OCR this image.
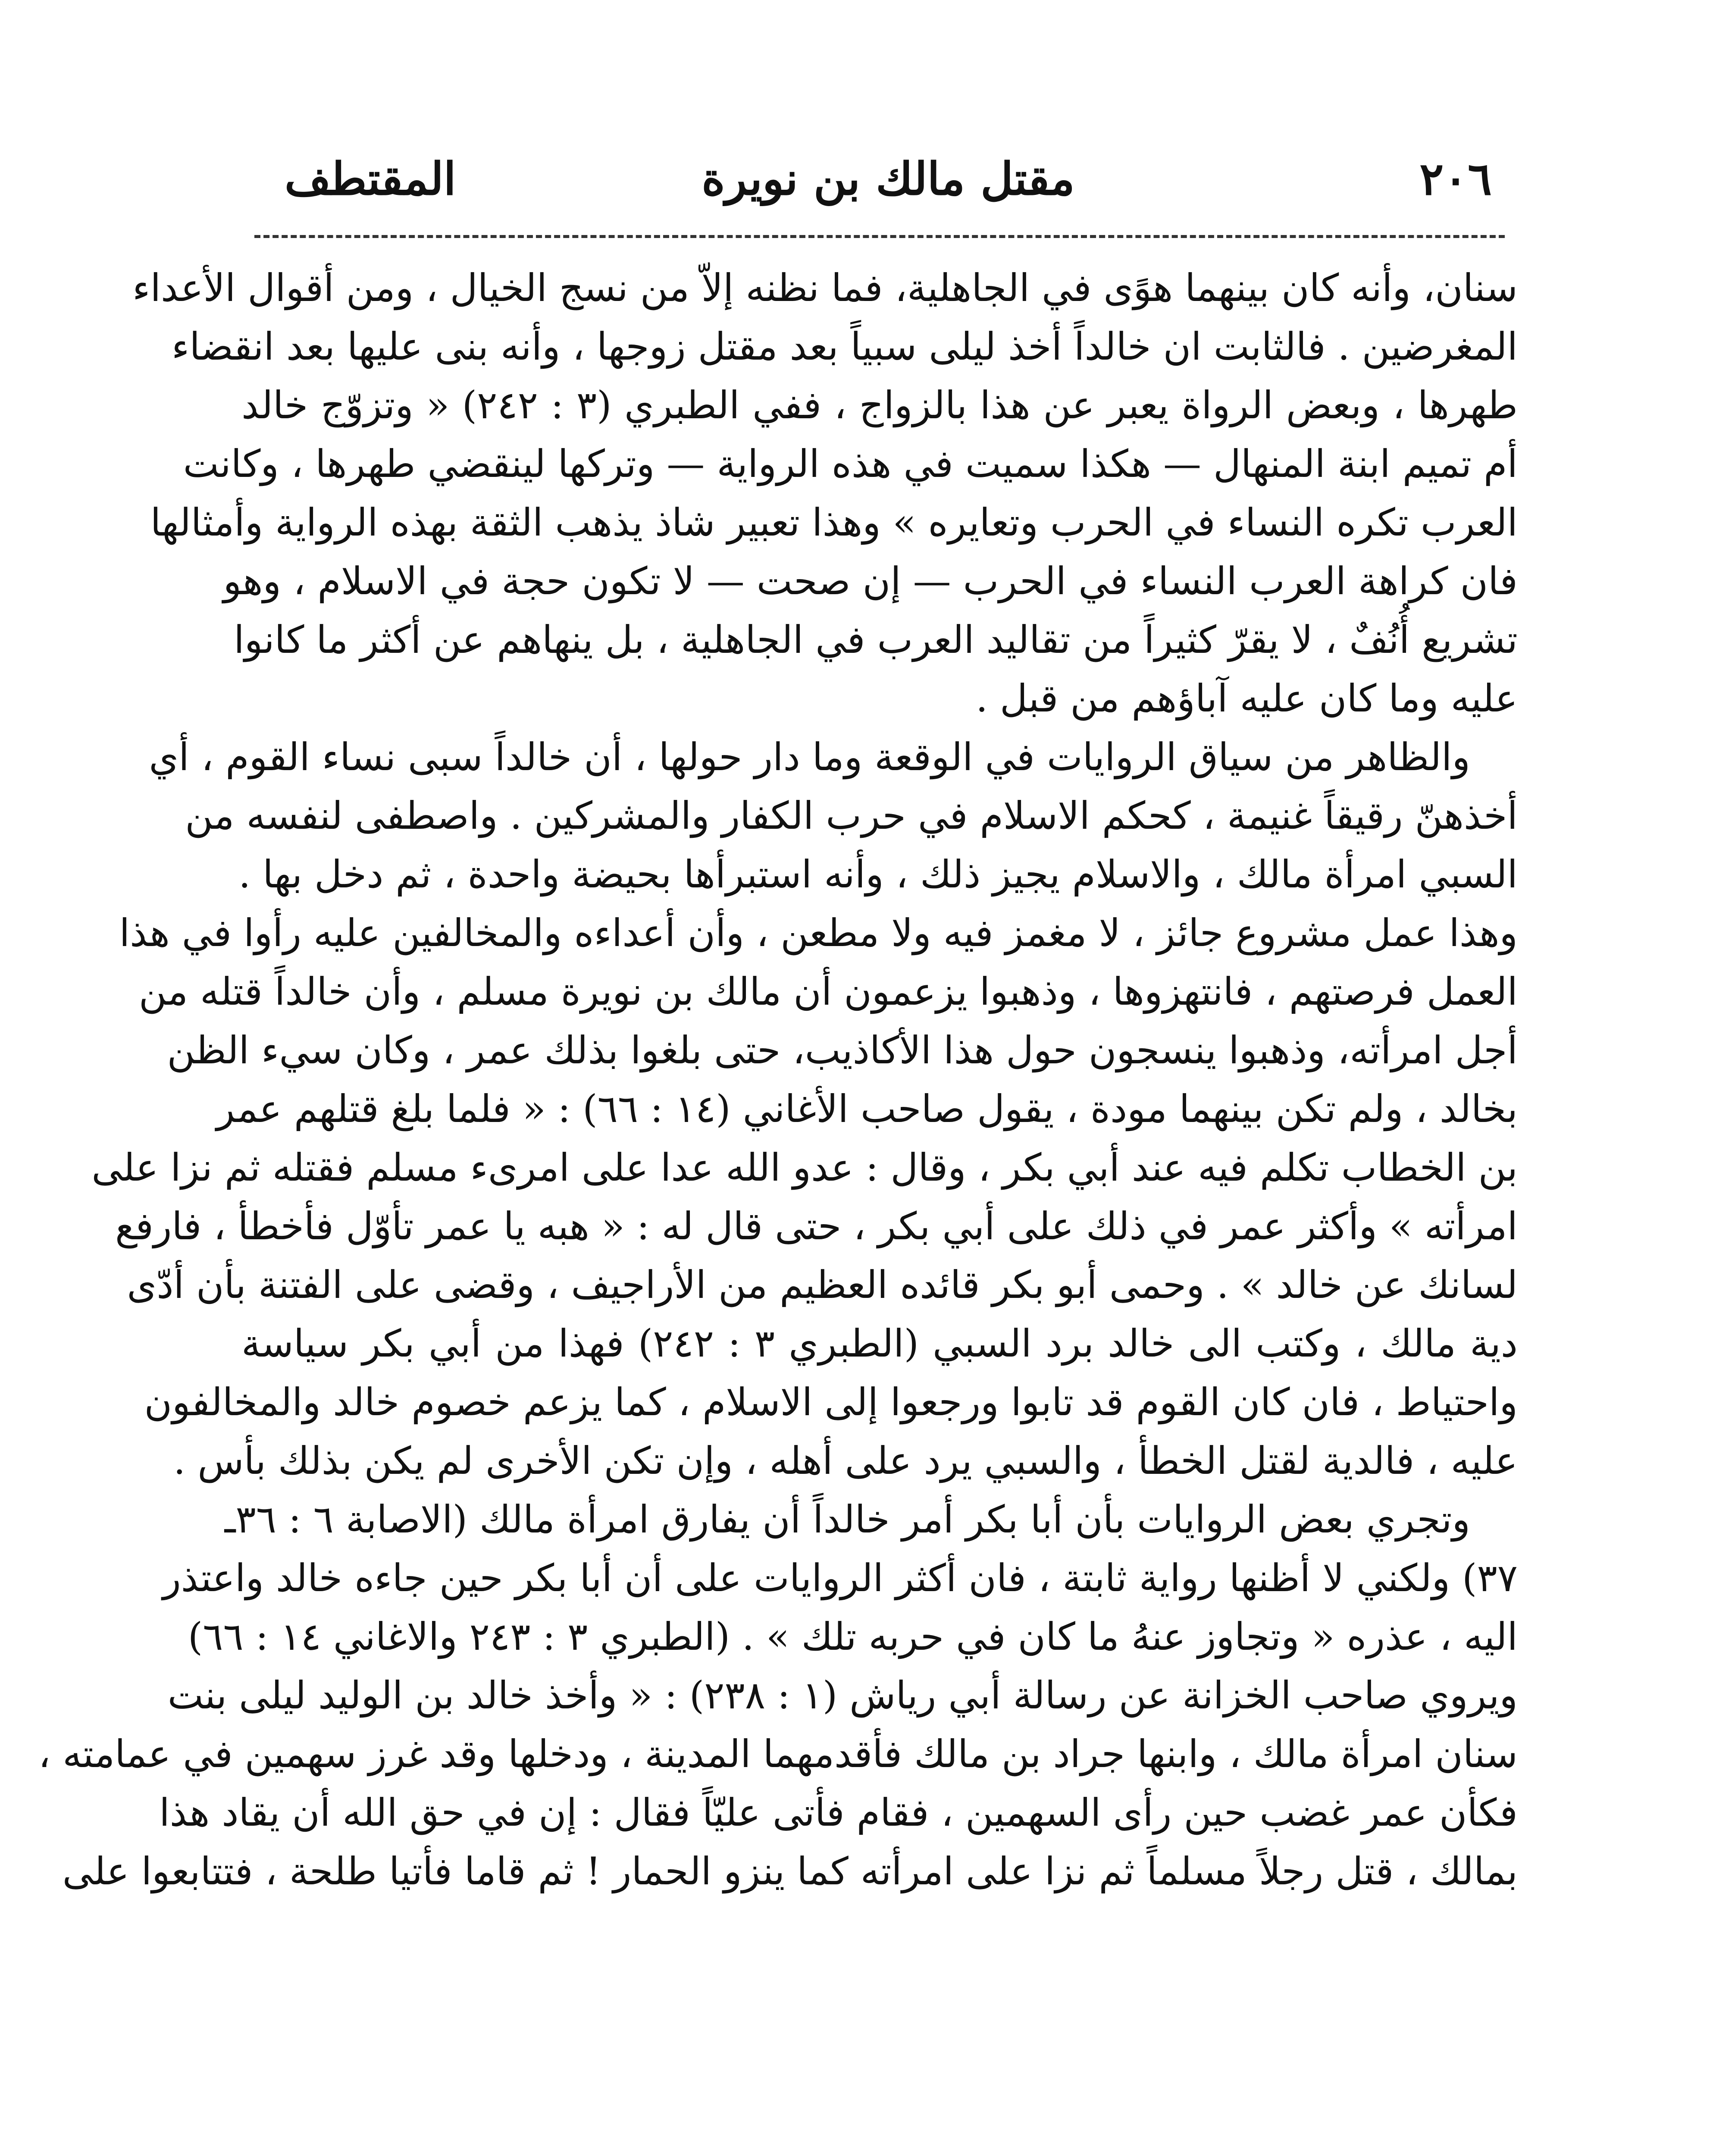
٢٠٦
مقتل مالك بن نويرة
المقتطف
سنان، وأنه كان بينهما هوًى في الجاهلية، فما نظنه إلاّ من نسج الخيال ، ومن أقوال الأعداء
المغرضين . فالثابت ان خالداً أخذ ليلى سبياً بعد مقتل زوجها ، وأنه بنى عليها بعد انقضاء
طهرها ، وبعض الرواة يعبر عن هذا بالزواج ، ففي الطبري (٣ : ٢٤٢) « وتزوّج خالد
أم تميم ابنة المنهال — هكذا سميت في هذه الرواية — وتركها لينقضي طهرها ، وكانت
العرب تكره النساء في الحرب وتعايره » وهذا تعبير شاذ يذهب الثقة بهذه الرواية وأمثالها
فان كراهة العرب النساء في الحرب — إن صحت — لا تكون حجة في الاسلام ، وهو
تشريع أُنُفٌ ، لا يقرّ كثيراً من تقاليد العرب في الجاهلية ، بل ينهاهم عن أكثر ما كانوا
عليه وما كان عليه آباؤهم من قبل .
والظاهر من سياق الروايات في الوقعة وما دار حولها ، أن خالداً سبى نساء القوم ، أي
أخذهنّ رقيقاً غنيمة ، كحكم الاسلام في حرب الكفار والمشركين . واصطفى لنفسه من
السبي امرأة مالك ، والاسلام يجيز ذلك ، وأنه استبرأها بحيضة واحدة ، ثم دخل بها .
وهذا عمل مشروع جائز ، لا مغمز فيه ولا مطعن ، وأن أعداءه والمخالفين عليه رأوا في هذا
العمل فرصتهم ، فانتهزوها ، وذهبوا يزعمون أن مالك بن نويرة مسلم ، وأن خالداً قتله من
أجل امرأته، وذهبوا ينسجون حول هذا الأكاذيب، حتى بلغوا بذلك عمر ، وكان سيء الظن
بخالد ، ولم تكن بينهما مودة ، يقول صاحب الأغاني (١٤ : ٦٦) : « فلما بلغ قتلهم عمر
بن الخطاب تكلم فيه عند أبي بكر ، وقال : عدو الله عدا على امرىء مسلم فقتله ثم نزا على
امرأته » وأكثر عمر في ذلك على أبي بكر ، حتى قال له : « هبه يا عمر تأوّل فأخطأ ، فارفع
لسانك عن خالد » . وحمى أبو بكر قائده العظيم من الأراجيف ، وقضى على الفتنة بأن أدّى
دية مالك ، وكتب الى خالد برد السبي (الطبري ٣ : ٢٤٢) فهذا من أبي بكر سياسة
واحتياط ، فان كان القوم قد تابوا ورجعوا إلى الاسلام ، كما يزعم خصوم خالد والمخالفون
عليه ، فالدية لقتل الخطأ ، والسبي يرد على أهله ، وإن تكن الأخرى لم يكن بذلك بأس .
وتجري بعض الروايات بأن أبا بكر أمر خالداً أن يفارق امرأة مالك (الاصابة ٦ : ٣٦ـ
٣٧) ولكني لا أظنها رواية ثابتة ، فان أكثر الروايات على أن أبا بكر حين جاءه خالد واعتذر
اليه ، عذره « وتجاوز عنهُ ما كان في حربه تلك » . (الطبري ٣ : ٢٤٣ والاغاني ١٤ : ٦٦)
ويروي صاحب الخزانة عن رسالة أبي رياش (١ : ٢٣٨) : « وأخذ خالد بن الوليد ليلى بنت
سنان امرأة مالك ، وابنها جراد بن مالك فأقدمهما المدينة ، ودخلها وقد غرز سهمين في عمامته ،
فكأن عمر غضب حين رأى السهمين ، فقام فأتى عليّاً فقال : إن في حق الله أن يقاد هذا
بمالك ، قتل رجلاً مسلماً ثم نزا على امرأته كما ينزو الحمار ! ثم قاما فأتيا طلحة ، فتتابعوا على
